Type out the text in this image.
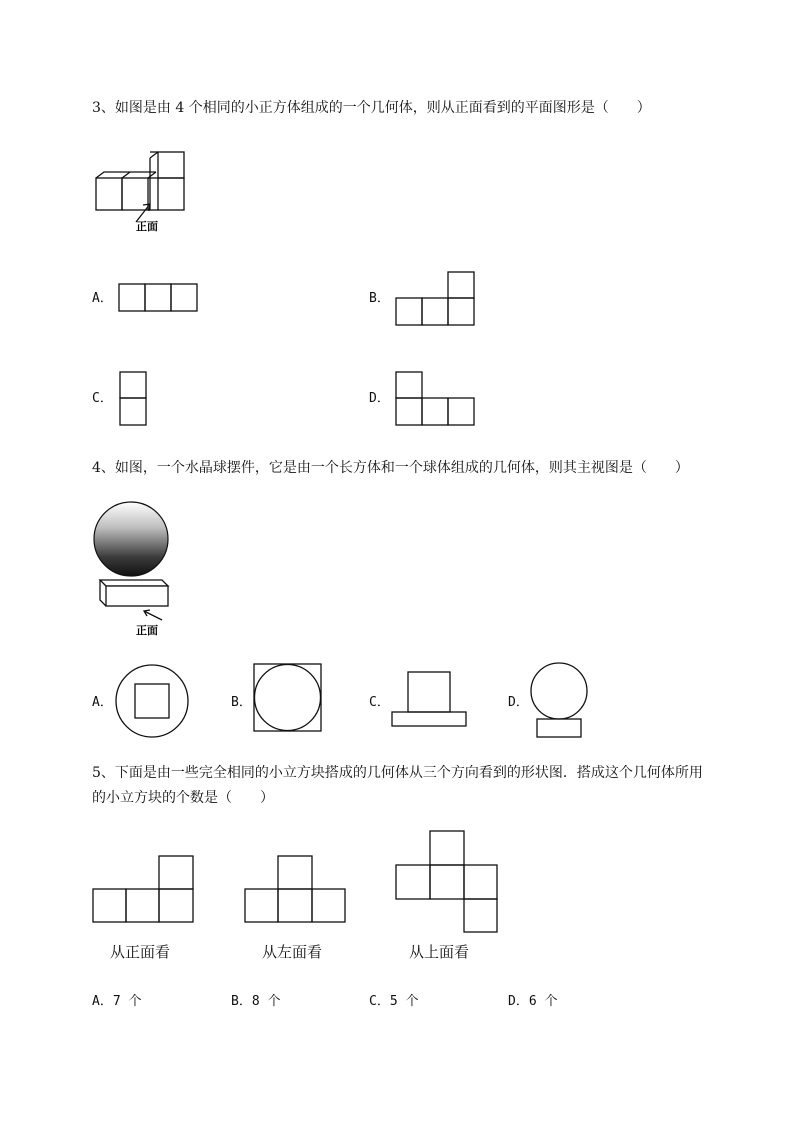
3、如图是由 4 个相同的小正方体组成的一个几何体，则从正面看到的平面图形是（　　）
正面
A．	B．
C．	D．
4、如图，一个水晶球摆件，它是由一个长方体和一个球体组成的几何体，则其主视图是（　　）
正面
A．	B．	C．	D．
5、下面是由一些完全相同的小立方块搭成的几何体从三个方向看到的形状图．搭成这个几何体所用
的小立方块的个数是（　　）
从正面看	从左面看	从上面看
A．7 个	B．8 个	C．5 个	D．6 个
